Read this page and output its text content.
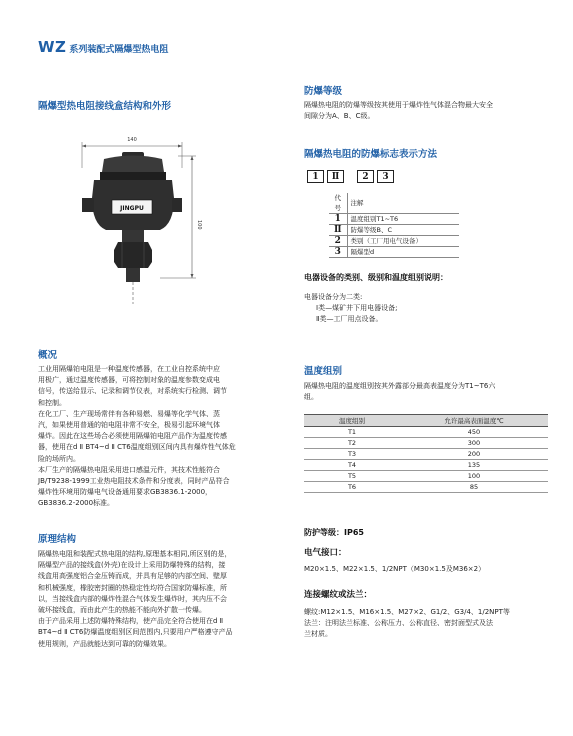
WZ 系列装配式隔爆型热电阻
隔爆型热电阻接线盒结构和外形
140
100
JINGPU
概况
工业用隔爆铂电阻是一种温度传感器，在工业自控系统中应
用极广，通过温度传感器，可将控制对象的温度参数变成电
信号，传送给显示、记录和调节仪表，对系统实行检测、调节
和控制。
在化工厂、生产现场常伴有各种易燃、易爆等化学气体、蒸
汽，如果使用普通的铂电阻非常不安全，极易引起环境气体
爆炸。因此在这些场合必须使用隔爆铂电阻产品作为温度传感
器，使用在d Ⅱ BT4~d Ⅱ CT6温度组别区间内具有爆炸性气体危
险的场所内。
本厂生产的隔爆热电阻采用进口感温元件，其技术性能符合
JB/T9238-1999工业热电阻技术条件和分度表，同时产品符合
爆炸性环境用防爆电气设备通用要求GB3836.1-2000，
GB3836.2-2000标准。
原理结构
隔爆热电阻和装配式热电阻的结构,原理基本相同,所区别的是，
隔爆型产品的接线盒(外壳)在设计上采用防爆特殊的结构，接
线盒用高强度铝合金压铸而成，并具有足够的内部空间、壁厚
和机械强度，橡胶密封圈的热稳定性均符合国家防爆标准，所
以，当接线盒内部的爆炸性混合气体发生爆炸时，其内压不会
破坏接线盒，而由此产生的热能不能向外扩散一传爆。
由于产品采用上述防爆特殊结构，使产品完全符合使用在d Ⅱ
BT4~d Ⅱ CT6防爆温度组别区间范围内,只要用户严格遵守产品
使用规则，产品就能达到可靠的防爆效果。
防爆等级
隔爆热电阻的防爆等级按其使用于爆炸性气体混合物最大安全
间隙分为A、B、C级。
隔爆热电阻的防爆标志表示方法
1	Ⅱ	2	3
代号	注解
1	温度组别T1~T6
Ⅱ	防爆等级B、C
2	类别（工厂用电气设备）
3	隔爆型d
电器设备的类别、级别和温度组别说明：
电器设备分为二类:
Ⅰ类—煤矿井下用电器设备;
Ⅱ类—工厂用点设备。
温度组别
隔爆热电阻的温度组别按其外露部分最高表温度分为T1~T6六
组。
温度组别	允许最高表面温度℃
T1	450
T2	300
T3	200
T4	135
T5	100
T6	85
防护等级：IP65
电气接口：
M20×1.5、M22×1.5、1/2NPT（M30×1.5及M36×2）
连接螺纹或法兰：
螺纹:M12×1.5、M16×1.5、M27×2、G1/2、G3/4、1/2NPT等
法兰：注明法兰标准、公称压力、公称直径、密封面型式及法
兰材质。
